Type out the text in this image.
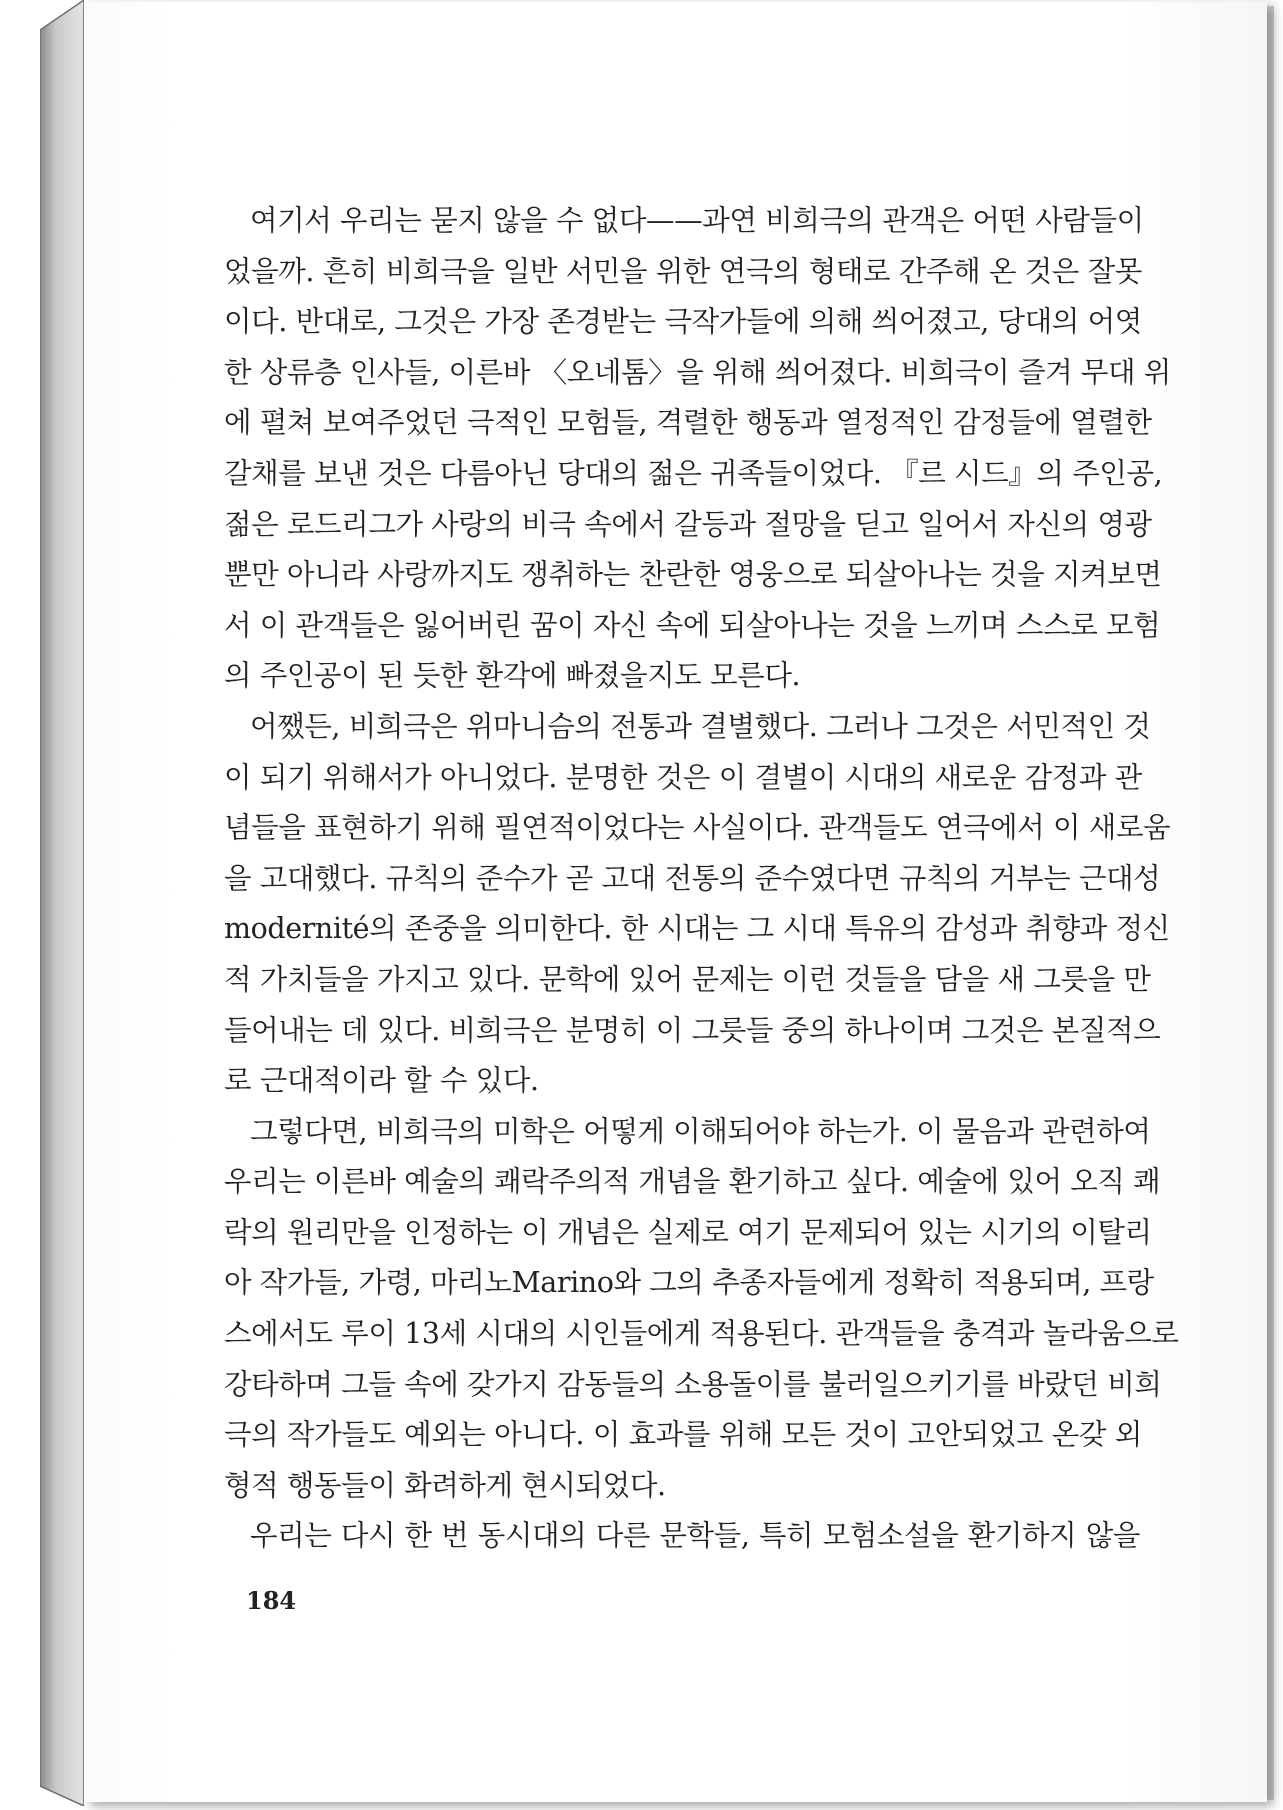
여기서 우리는 묻지 않을 수 없다——과연 비희극의 관객은 어떤 사람들이
었을까. 흔히 비희극을 일반 서민을 위한 연극의 형태로 간주해 온 것은 잘못
이다. 반대로, 그것은 가장 존경받는 극작가들에 의해 씌어졌고, 당대의 어엿
한 상류층 인사들, 이른바 〈오네톰〉을 위해 씌어졌다. 비희극이 즐겨 무대 위
에 펼쳐 보여주었던 극적인 모험들, 격렬한 행동과 열정적인 감정들에 열렬한
갈채를 보낸 것은 다름아닌 당대의 젊은 귀족들이었다. 『르 시드』의 주인공,
젊은 로드리그가 사랑의 비극 속에서 갈등과 절망을 딛고 일어서 자신의 영광
뿐만 아니라 사랑까지도 쟁취하는 찬란한 영웅으로 되살아나는 것을 지켜보면
서 이 관객들은 잃어버린 꿈이 자신 속에 되살아나는 것을 느끼며 스스로 모험
의 주인공이 된 듯한 환각에 빠졌을지도 모른다.
어쨌든, 비희극은 위마니슴의 전통과 결별했다. 그러나 그것은 서민적인 것
이 되기 위해서가 아니었다. 분명한 것은 이 결별이 시대의 새로운 감정과 관
념들을 표현하기 위해 필연적이었다는 사실이다. 관객들도 연극에서 이 새로움
을 고대했다. 규칙의 준수가 곧 고대 전통의 준수였다면 규칙의 거부는 근대성
modernité의 존중을 의미한다. 한 시대는 그 시대 특유의 감성과 취향과 정신
적 가치들을 가지고 있다. 문학에 있어 문제는 이런 것들을 담을 새 그릇을 만
들어내는 데 있다. 비희극은 분명히 이 그릇들 중의 하나이며 그것은 본질적으
로 근대적이라 할 수 있다.
그렇다면, 비희극의 미학은 어떻게 이해되어야 하는가. 이 물음과 관련하여
우리는 이른바 예술의 쾌락주의적 개념을 환기하고 싶다. 예술에 있어 오직 쾌
락의 원리만을 인정하는 이 개념은 실제로 여기 문제되어 있는 시기의 이탈리
아 작가들, 가령, 마리노Marino와 그의 추종자들에게 정확히 적용되며, 프랑
스에서도 루이 13세 시대의 시인들에게 적용된다. 관객들을 충격과 놀라움으로
강타하며 그들 속에 갖가지 감동들의 소용돌이를 불러일으키기를 바랐던 비희
극의 작가들도 예외는 아니다. 이 효과를 위해 모든 것이 고안되었고 온갖 외
형적 행동들이 화려하게 현시되었다.
우리는 다시 한 번 동시대의 다른 문학들, 특히 모험소설을 환기하지 않을
184
